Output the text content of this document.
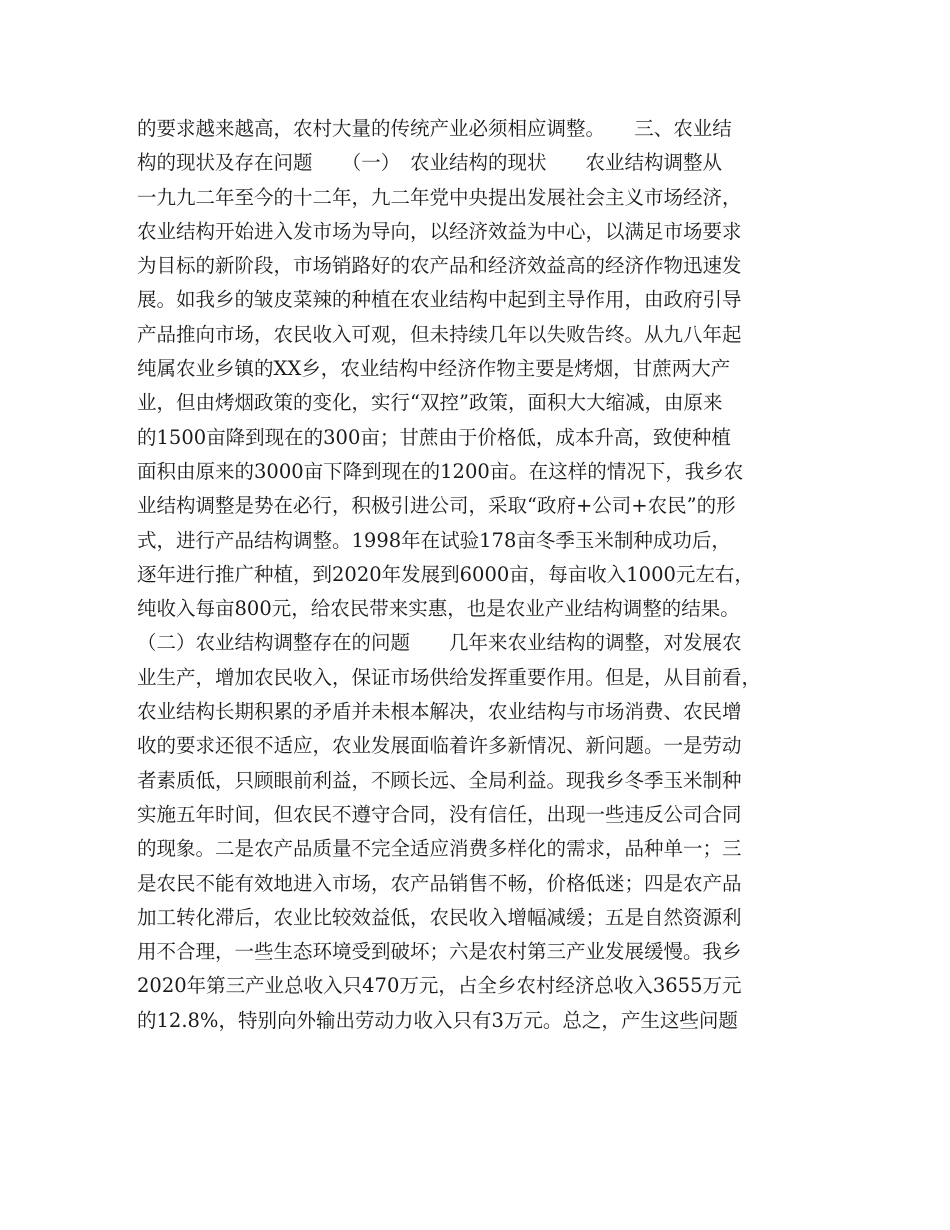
的要求越来越高，农村大量的传统产业必须相应调整。　　三、农业结
构的现状及存在问题　　（一）　农业结构的现状　　农业结构调整从
一九九二年至今的十二年，九二年党中央提出发展社会主义市场经济，
农业结构开始进入发市场为导向，以经济效益为中心，以满足市场要求
为目标的新阶段，市场销路好的农产品和经济效益高的经济作物迅速发
展。如我乡的皱皮菜辣的种植在农业结构中起到主导作用，由政府引导
产品推向市场，农民收入可观，但未持续几年以失败告终。从九八年起
纯属农业乡镇的XX乡，农业结构中经济作物主要是烤烟，甘蔗两大产
业，但由烤烟政策的变化，实行“双控”政策，面积大大缩减，由原来
的1500亩降到现在的300亩；甘蔗由于价格低，成本升高，致使种植
面积由原来的3000亩下降到现在的1200亩。在这样的情况下，我乡农
业结构调整是势在必行，积极引进公司，采取“政府+公司+农民”的形
式，进行产品结构调整。1998年在试验178亩冬季玉米制种成功后，
逐年进行推广种植，到2020年发展到6000亩，每亩收入1000元左右，
纯收入每亩800元，给农民带来实惠，也是农业产业结构调整的结果。
（二）农业结构调整存在的问题　　几年来农业结构的调整，对发展农
业生产，增加农民收入，保证市场供给发挥重要作用。但是，从目前看，
农业结构长期积累的矛盾并未根本解决，农业结构与市场消费、农民增
收的要求还很不适应，农业发展面临着许多新情况、新问题。一是劳动
者素质低，只顾眼前利益，不顾长远、全局利益。现我乡冬季玉米制种
实施五年时间，但农民不遵守合同，没有信任，出现一些违反公司合同
的现象。二是农产品质量不完全适应消费多样化的需求，品种单一；三
是农民不能有效地进入市场，农产品销售不畅，价格低迷；四是农产品
加工转化滞后，农业比较效益低，农民收入增幅减缓；五是自然资源利
用不合理，一些生态环境受到破坏；六是农村第三产业发展缓慢。我乡
2020年第三产业总收入只470万元，占全乡农村经济总收入3655万元
的12.8%，特别向外输出劳动力收入只有3万元。总之，产生这些问题
